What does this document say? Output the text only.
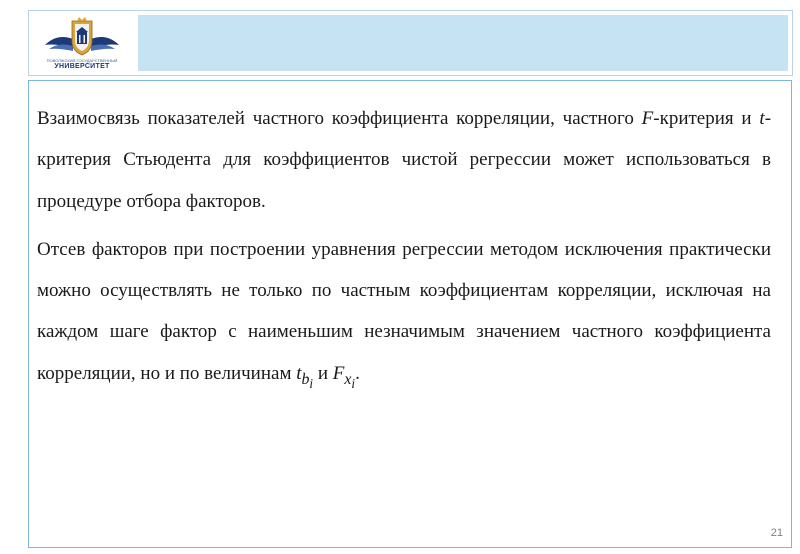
ПОВОЛЖСКИЙ ГОСУДАРСТВЕННЫЙ
УНИВЕРСИТЕТ

Взаимосвязь показателей частного коэффициента корреляции, частного F-критерия и t-критерия Стьюдента для коэффициентов чистой регрессии может использоваться в процедуре отбора факторов.

Отсев факторов при построении уравнения регрессии методом исключения практически можно осуществлять не только по частным коэффициентам корреляции, исключая на каждом шаге фактор с наименьшим незначимым значением частного коэффициента корреляции, но и по величинам $t_{b_i}$ и $F_{x_i}$.

21
